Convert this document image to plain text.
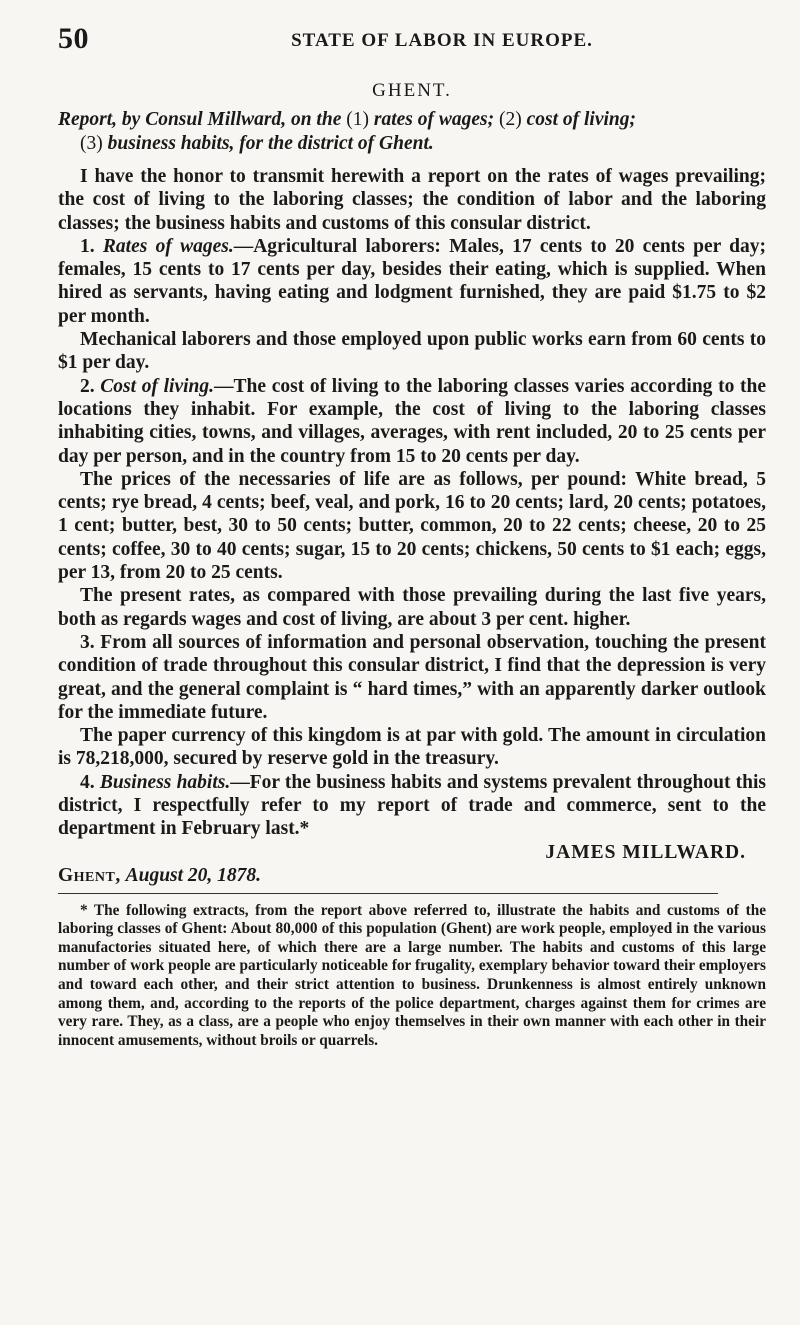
50	STATE OF LABOR IN EUROPE.
GHENT.

Report, by Consul Millward, on the (1) rates of wages; (2) cost of living;
(3) business habits, for the district of Ghent.

I have the honor to transmit herewith a report on the rates of wages prevailing; the cost of living to the laboring classes; the condition of labor and the laboring classes; the business habits and customs of this consular district.

1. Rates of wages.—Agricultural laborers: Males, 17 cents to 20 cents per day; females, 15 cents to 17 cents per day, besides their eating, which is supplied. When hired as servants, having eating and lodgment furnished, they are paid $1.75 to $2 per month.

Mechanical laborers and those employed upon public works earn from 60 cents to $1 per day.

2. Cost of living.—The cost of living to the laboring classes varies according to the locations they inhabit. For example, the cost of living to the laboring classes inhabiting cities, towns, and villages, averages, with rent included, 20 to 25 cents per day per person, and in the country from 15 to 20 cents per day.

The prices of the necessaries of life are as follows, per pound: White bread, 5 cents; rye bread, 4 cents; beef, veal, and pork, 16 to 20 cents; lard, 20 cents; potatoes, 1 cent; butter, best, 30 to 50 cents; butter, common, 20 to 22 cents; cheese, 20 to 25 cents; coffee, 30 to 40 cents; sugar, 15 to 20 cents; chickens, 50 cents to $1 each; eggs, per 13, from 20 to 25 cents.

The present rates, as compared with those prevailing during the last five years, both as regards wages and cost of living, are about 3 per cent. higher.

3. From all sources of information and personal observation, touching the present condition of trade throughout this consular district, I find that the depression is very great, and the general complaint is “ hard times,” with an apparently darker outlook for the immediate future.

The paper currency of this kingdom is at par with gold. The amount in circulation is 78,218,000, secured by reserve gold in the treasury.

4. Business habits.—For the business habits and systems prevalent throughout this district, I respectfully refer to my report of trade and commerce, sent to the department in February last.*

JAMES MILLWARD.
Ghent, August 20, 1878.

* The following extracts, from the report above referred to, illustrate the habits and customs of the laboring classes of Ghent: About 80,000 of this population (Ghent) are work people, employed in the various manufactories situated here, of which there are a large number. The habits and customs of this large number of work people are particularly noticeable for frugality, exemplary behavior toward their employers and toward each other, and their strict attention to business. Drunkenness is almost entirely unknown among them, and, according to the reports of the police department, charges against them for crimes are very rare. They, as a class, are a people who enjoy themselves in their own manner with each other in their innocent amusements, without broils or quarrels.
